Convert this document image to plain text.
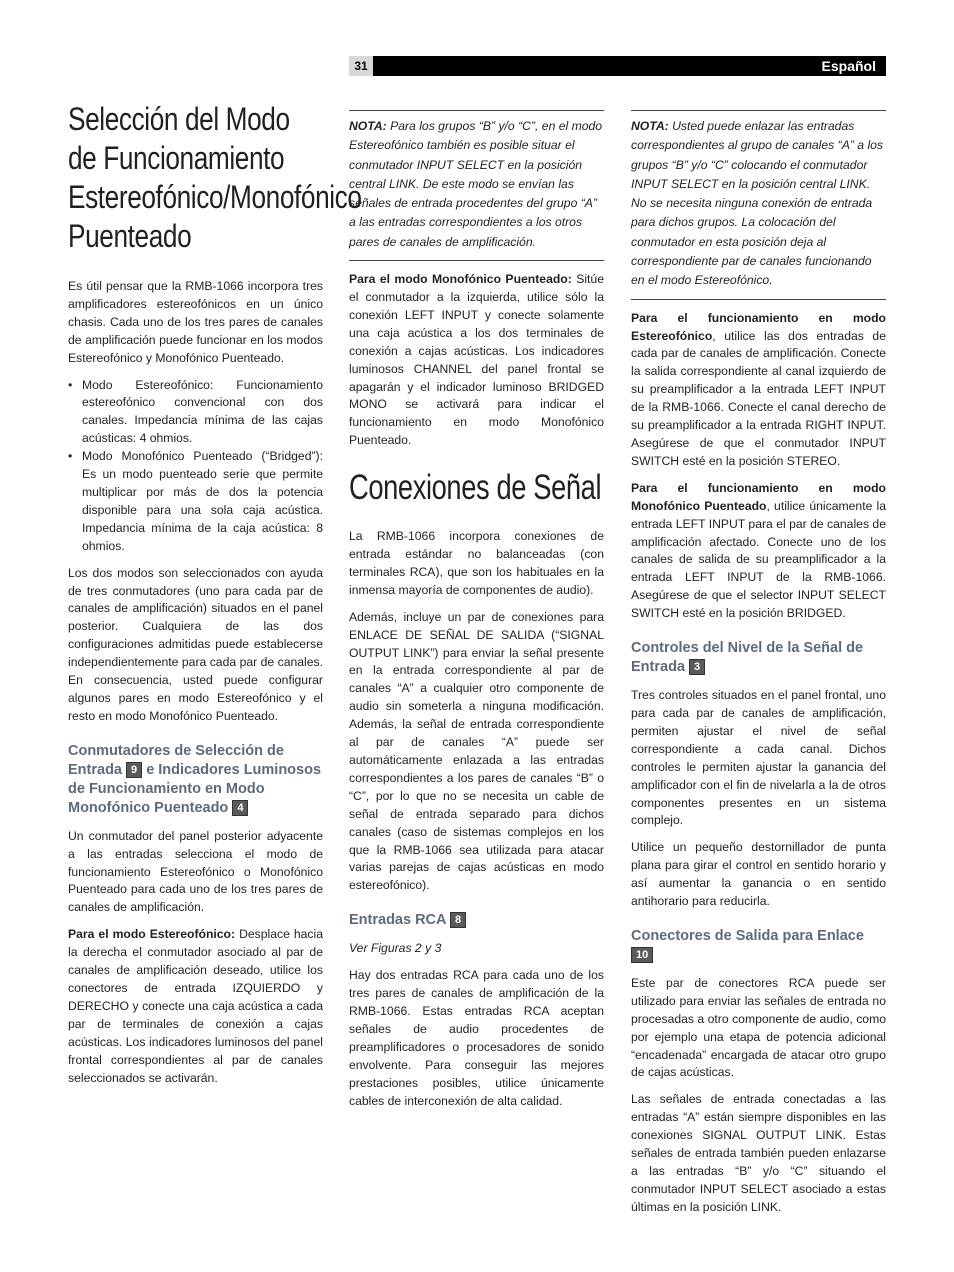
31	Español
Selección del Modo de Funcionamiento Estereofónico/Monofónico Puenteado

Es útil pensar que la RMB-1066 incorpora tres amplificadores estereofónicos en un único chasis. Cada uno de los tres pares de canales de amplificación puede funcionar en los modos Estereofónico y Monofónico Puenteado.

• Modo Estereofónico: Funcionamiento estereofónico convencional con dos canales. Impedancia mínima de las cajas acústicas: 4 ohmios.
• Modo Monofónico Puenteado (“Bridged”): Es un modo puenteado serie que permite multiplicar por más de dos la potencia disponible para una sola caja acústica. Impedancia mínima de la caja acústica: 8 ohmios.

Los dos modos son seleccionados con ayuda de tres conmutadores (uno para cada par de canales de amplificación) situados en el panel posterior. Cualquiera de las dos configuraciones admitidas puede establecerse independientemente para cada par de canales. En consecuencia, usted puede configurar algunos pares en modo Estereofónico y el resto en modo Monofónico Puenteado.

Conmutadores de Selección de Entrada 9 e Indicadores Luminosos de Funcionamiento en Modo Monofónico Puenteado 4

Un conmutador del panel posterior adyacente a las entradas selecciona el modo de funcionamiento Estereofónico o Monofónico Puenteado para cada uno de los tres pares de canales de amplificación.

Para el modo Estereofónico: Desplace hacia la derecha el conmutador asociado al par de canales de amplificación deseado, utilice los conectores de entrada IZQUIERDO y DERECHO y conecte una caja acústica a cada par de terminales de conexión a cajas acústicas. Los indicadores luminosos del panel frontal correspondientes al par de canales seleccionados se activarán.

NOTA: Para los grupos “B” y/o “C”, en el modo Estereofónico también es posible situar el conmutador INPUT SELECT en la posición central LINK. De este modo se envían las señales de entrada procedentes del grupo “A” a las entradas correspondientes a los otros pares de canales de amplificación.

Para el modo Monofónico Puenteado: Sitúe el conmutador a la izquierda, utilice sólo la conexión LEFT INPUT y conecte solamente una caja acústica a los dos terminales de conexión a cajas acústicas. Los indicadores luminosos CHANNEL del panel frontal se apagarán y el indicador luminoso BRIDGED MONO se activará para indicar el funcionamiento en modo Monofónico Puenteado.

Conexiones de Señal

La RMB-1066 incorpora conexiones de entrada estándar no balanceadas (con terminales RCA), que son los habituales en la inmensa mayoría de componentes de audio).

Además, incluye un par de conexiones para ENLACE DE SEÑAL DE SALIDA (“SIGNAL OUTPUT LINK”) para enviar la señal presente en la entrada correspondiente al par de canales “A” a cualquier otro componente de audio sin someterla a ninguna modificación. Además, la señal de entrada correspondiente al par de canales “A” puede ser automáticamente enlazada a las entradas correspondientes a los pares de canales “B” o “C”, por lo que no se necesita un cable de señal de entrada separado para dichos canales (caso de sistemas complejos en los que la RMB-1066 sea utilizada para atacar varias parejas de cajas acústicas en modo estereofónico).

Entradas RCA 8

Ver Figuras 2 y 3

Hay dos entradas RCA para cada uno de los tres pares de canales de amplificación de la RMB-1066. Estas entradas RCA aceptan señales de audio procedentes de preamplificadores o procesadores de sonido envolvente. Para conseguir las mejores prestaciones posibles, utilice únicamente cables de interconexión de alta calidad.

NOTA: Usted puede enlazar las entradas correspondientes al grupo de canales “A” a los grupos “B” y/o “C” colocando el conmutador INPUT SELECT en la posición central LINK. No se necesita ninguna conexión de entrada para dichos grupos. La colocación del conmutador en esta posición deja al correspondiente par de canales funcionando en el modo Estereofónico.

Para el funcionamiento en modo Estereofónico, utilice las dos entradas de cada par de canales de amplificación. Conecte la salida correspondiente al canal izquierdo de su preamplificador a la entrada LEFT INPUT de la RMB-1066. Conecte el canal derecho de su preamplificador a la entrada RIGHT INPUT. Asegúrese de que el conmutador INPUT SWITCH esté en la posición STEREO.

Para el funcionamiento en modo Monofónico Puenteado, utilice únicamente la entrada LEFT INPUT para el par de canales de amplificación afectado. Conecte uno de los canales de salida de su preamplificador a la entrada LEFT INPUT de la RMB-1066. Asegúrese de que el selector INPUT SELECT SWITCH esté en la posición BRIDGED.

Controles del Nivel de la Señal de Entrada 3

Tres controles situados en el panel frontal, uno para cada par de canales de amplificación, permiten ajustar el nivel de señal correspondiente a cada canal. Dichos controles le permiten ajustar la ganancia del amplificador con el fin de nivelarla a la de otros componentes presentes en un sistema complejo.

Utilice un pequeño destornillador de punta plana para girar el control en sentido horario y así aumentar la ganancia o en sentido antihorario para reducirla.

Conectores de Salida para Enlace 10

Este par de conectores RCA puede ser utilizado para enviar las señales de entrada no procesadas a otro componente de audio, como por ejemplo una etapa de potencia adicional “encadenada” encargada de atacar otro grupo de cajas acústicas.

Las señales de entrada conectadas a las entradas “A” están siempre disponibles en las conexiones SIGNAL OUTPUT LINK. Estas señales de entrada también pueden enlazarse a las entradas “B” y/o “C” situando el conmutador INPUT SELECT asociado a estas últimas en la posición LINK.
